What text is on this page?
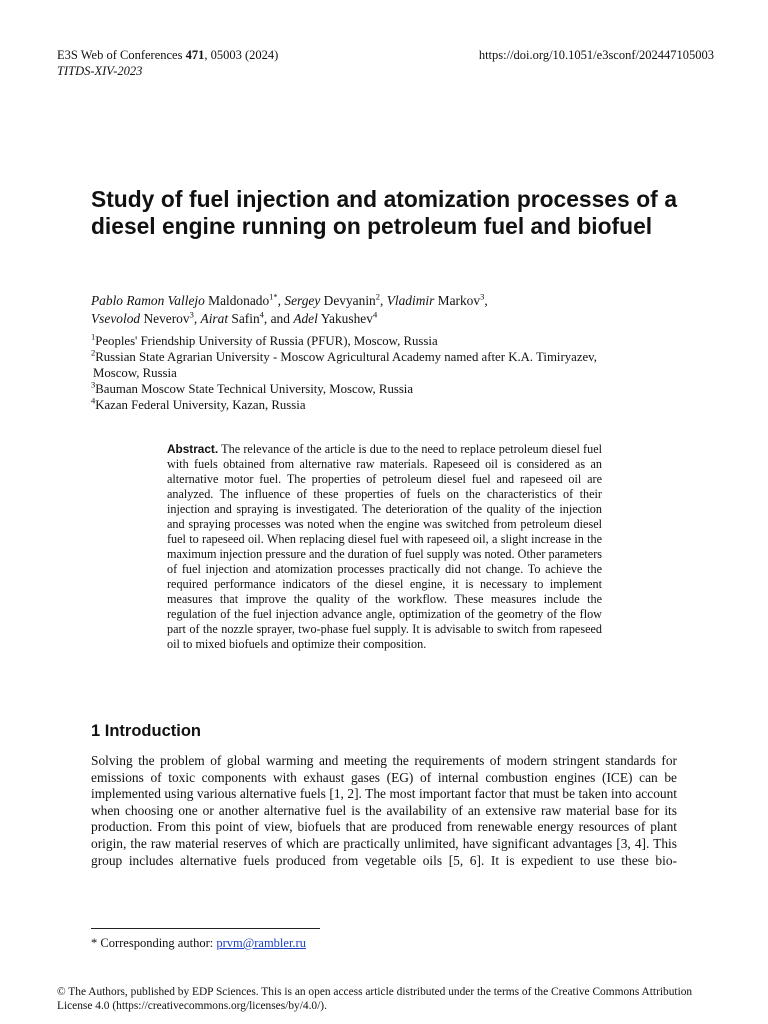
E3S Web of Conferences 471, 05003 (2024)
TITDS-XIV-2023
https://doi.org/10.1051/e3sconf/202447105003
Study of fuel injection and atomization processes of a diesel engine running on petroleum fuel and biofuel

Pablo Ramon Vallejo Maldonado$^{1*}$, Sergey Devyanin$^2$, Vladimir Markov$^3$,
Vsevolod Neverov$^3$, Airat Safin$^4$, and Adel Yakushev$^4$

$^1$Peoples' Friendship University of Russia (PFUR), Moscow, Russia
$^2$Russian State Agrarian University - Moscow Agricultural Academy named after K.A. Timiryazev,
Moscow, Russia
$^3$Bauman Moscow State Technical University, Moscow, Russia
$^4$Kazan Federal University, Kazan, Russia

Abstract. The relevance of the article is due to the need to replace petroleum diesel fuel with fuels obtained from alternative raw materials. Rapeseed oil is considered as an alternative motor fuel. The properties of petroleum diesel fuel and rapeseed oil are analyzed. The influence of these properties of fuels on the characteristics of their injection and spraying is investigated. The deterioration of the quality of the injection and spraying processes was noted when the engine was switched from petroleum diesel fuel to rapeseed oil. When replacing diesel fuel with rapeseed oil, a slight increase in the maximum injection pressure and the duration of fuel supply was noted. Other parameters of fuel injection and atomization processes practically did not change. To achieve the required performance indicators of the diesel engine, it is necessary to implement measures that improve the quality of the workflow. These measures include the regulation of the fuel injection advance angle, optimization of the geometry of the flow part of the nozzle sprayer, two-phase fuel supply. It is advisable to switch from rapeseed oil to mixed biofuels and optimize their composition.

1 Introduction

Solving the problem of global warming and meeting the requirements of modern stringent standards for emissions of toxic components with exhaust gases (EG) of internal combustion engines (ICE) can be implemented using various alternative fuels [1, 2]. The most important factor that must be taken into account when choosing one or another alternative fuel is the availability of an extensive raw material base for its production. From this point of view, biofuels that are produced from renewable energy resources of plant origin, the raw material reserves of which are practically unlimited, have significant advantages [3, 4]. This group includes alternative fuels produced from vegetable oils [5, 6]. It is expedient to use these bio-

* Corresponding author: prvm@rambler.ru

© The Authors, published by EDP Sciences. This is an open access article distributed under the terms of the Creative Commons Attribution License 4.0 (https://creativecommons.org/licenses/by/4.0/).
